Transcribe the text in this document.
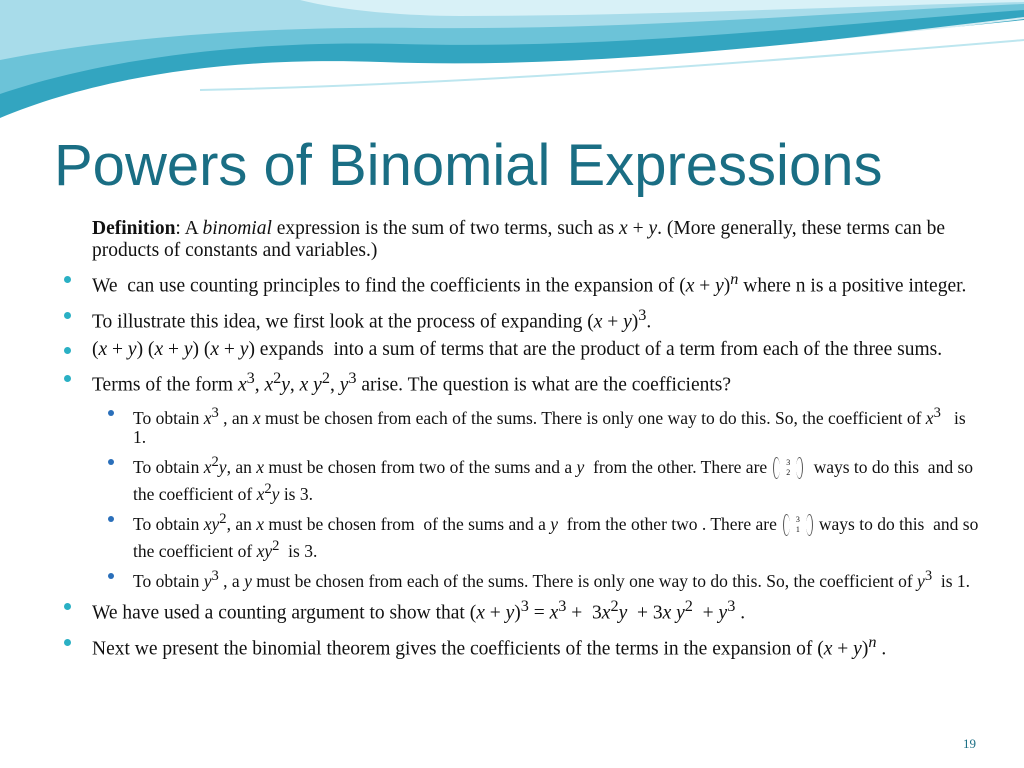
Powers of Binomial Expressions
Definition: A binomial expression is the sum of two terms, such as x + y. (More generally, these terms can be products of constants and variables.)
We  can use counting principles to find the coefficients in the expansion of $(x + y)^n$ where n is a positive integer.
To illustrate this idea, we first look at the process of expanding $(x + y)^3$.
(x + y) (x + y) (x + y) expands  into a sum of terms that are the product of a term from each of the three sums.
Terms of the form $x^3$, $x^2y$, x $y^2$, $y^3$ arise. The question is what are the coefficients?
To obtain $x^3$ , an x must be chosen from each of the sums. There is only one way to do this. So, the coefficient of $x^3$   is 1.
To obtain $x^2y$, an x must be chosen from two of the sums and a y  from the other. There are	3
2	ways to do this  and so the coefficient of $x^2y$ is 3.
To obtain $xy^2$, an x must be chosen from  of the sums and a y  from the other two . There are	3
1	ways to do this  and so the coefficient of $xy^2$  is 3.
To obtain $y^3$ , a y must be chosen from each of the sums. There is only one way to do this. So, the coefficient of $y^3$  is 1.
We have used a counting argument to show that $(x + y)^3 = x^3 + 3x^2y + 3x$ $y^2 + y^3$ .
Next we present the binomial theorem gives the coefficients of the terms in the expansion of $(x + y)^n$ .
19
